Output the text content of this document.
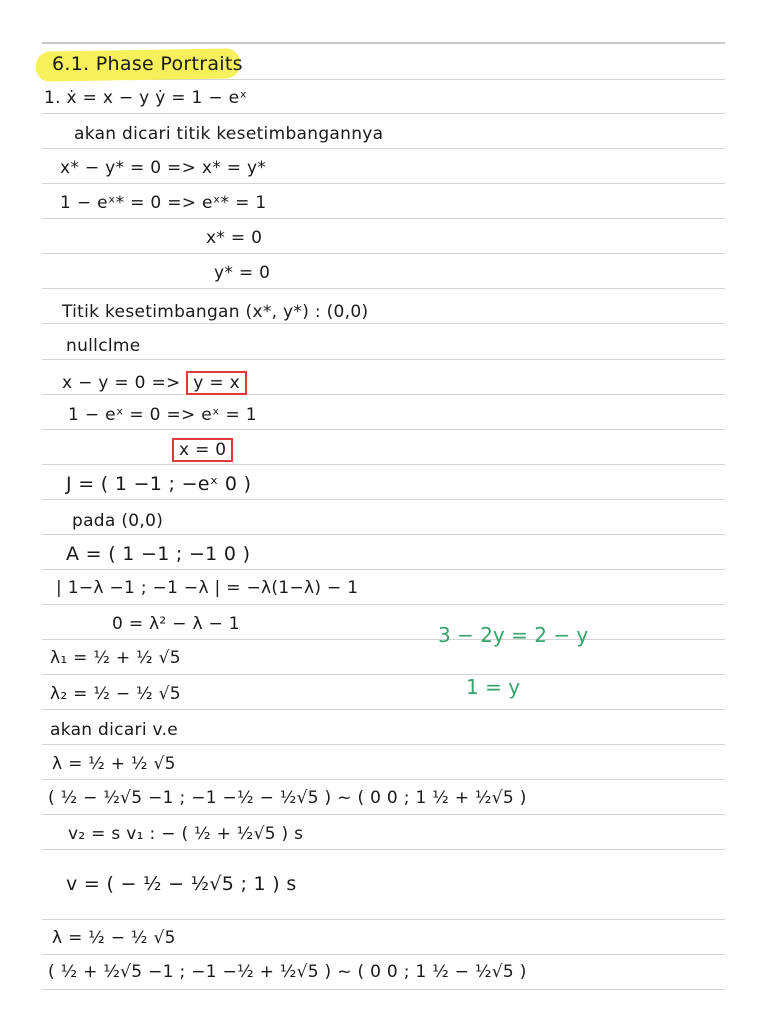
6.1. Phase Portraits
1. ẋ = x − y ẏ = 1 − eˣ
akan dicari titik kesetimbangannya
x* − y* = 0 => x* = y*
1 − eˣ* = 0 => eˣ* = 1
x* = 0
y* = 0
Titik kesetimbangan (x*, y*) : (0,0)
nullclme
x − y = 0 => y = x
1 − eˣ = 0 => eˣ = 1
x = 0
J = ( 1 −1 ; −eˣ 0 )
pada (0,0)
A = ( 1 −1 ; −1 0 )
| 1−λ −1 ; −1 −λ | = −λ(1−λ) − 1
0 = λ² − λ − 1
λ₁ = ½ + ½ √5
λ₂ = ½ − ½ √5
akan dicari v.e
λ = ½ + ½ √5
( ½ − ½√5 −1 ; −1 −½ − ½√5 ) ~ ( 0 0 ; 1 ½ + ½√5 )
v₂ = s v₁ : − ( ½ + ½√5 ) s
v = ( − ½ − ½√5 ; 1 ) s
λ = ½ − ½ √5
( ½ + ½√5 −1 ; −1 −½ + ½√5 ) ~ ( 0 0 ; 1 ½ − ½√5 )
3 − 2y = 2 − y
1 = y
